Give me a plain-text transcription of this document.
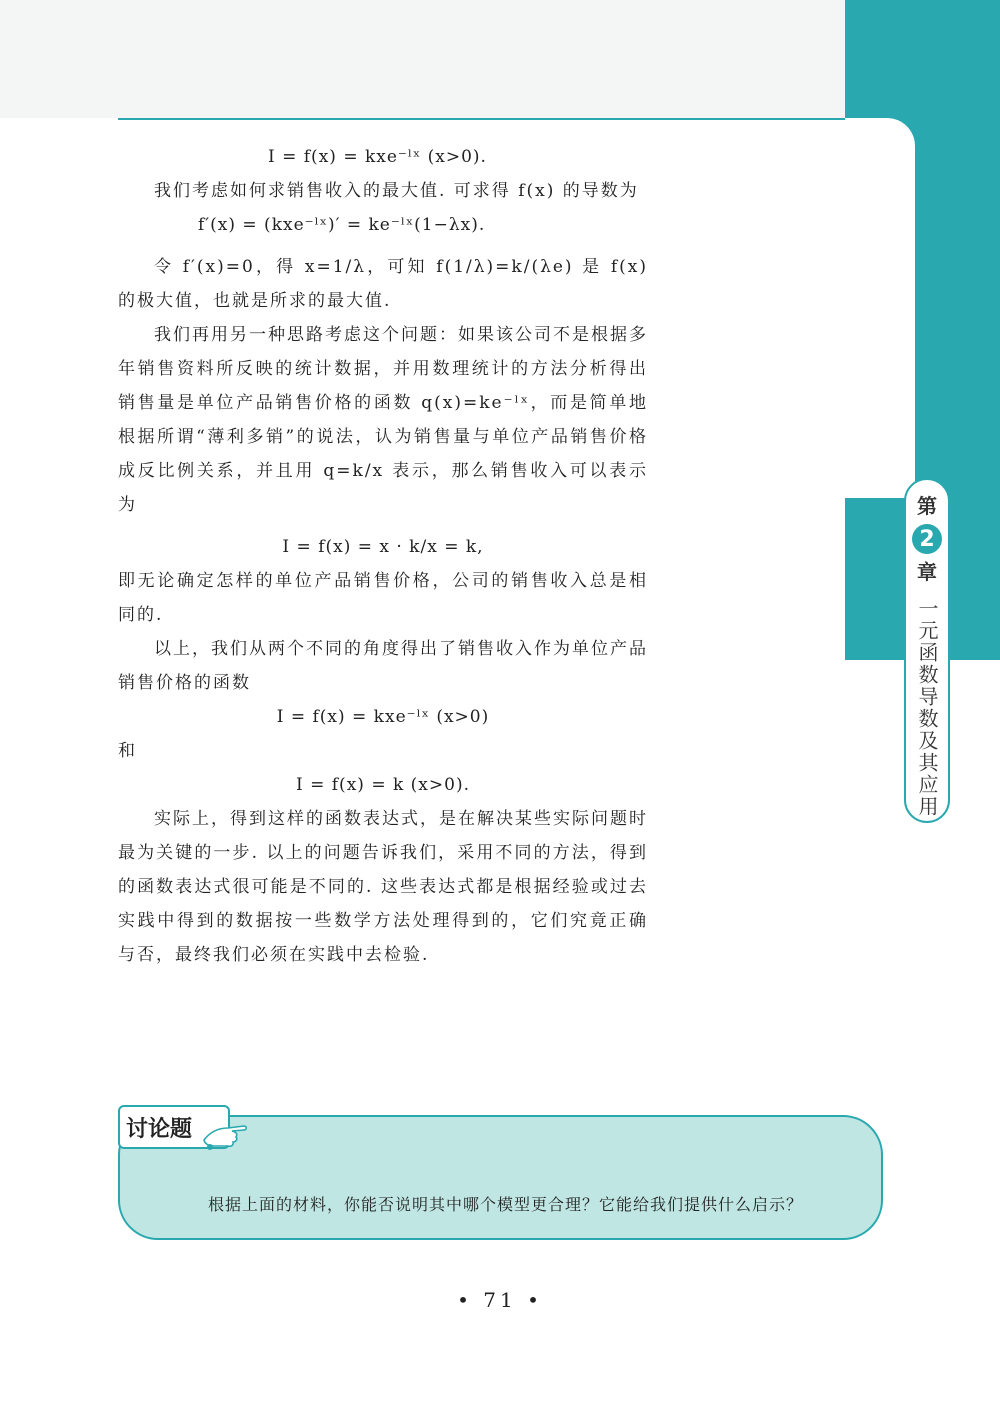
第
2
章
一元函数导数及其应用

I = f(x) = kxe⁻ˡˣ (x>0).

我们考虑如何求销售收入的最大值. 可求得 f(x) 的导数为

f′(x) = (kxe⁻ˡˣ)′ = ke⁻ˡˣ(1−λx).

令 f′(x)=0，得 x=1/λ，可知 f(1/λ)=k/(λe) 是 f(x) 的极大值，也就是所求的最大值.

我们再用另一种思路考虑这个问题：如果该公司不是根据多年销售资料所反映的统计数据，并用数理统计的方法分析得出销售量是单位产品销售价格的函数 q(x)=ke⁻ˡˣ，而是简单地根据所谓“薄利多销”的说法，认为销售量与单位产品销售价格成反比例关系，并且用 q=k/x 表示，那么销售收入可以表示为

I = f(x) = x · k/x = k,

即无论确定怎样的单位产品销售价格，公司的销售收入总是相同的.

以上，我们从两个不同的角度得出了销售收入作为单位产品销售价格的函数

I = f(x) = kxe⁻ˡˣ (x>0)

和

I = f(x) = k (x>0).

实际上，得到这样的函数表达式，是在解决某些实际问题时最为关键的一步. 以上的问题告诉我们，采用不同的方法，得到的函数表达式很可能是不同的. 这些表达式都是根据经验或过去实践中得到的数据按一些数学方法处理得到的，它们究竟正确与否，最终我们必须在实践中去检验.

讨论题
根据上面的材料，你能否说明其中哪个模型更合理？它能给我们提供什么启示？
• 71 •
